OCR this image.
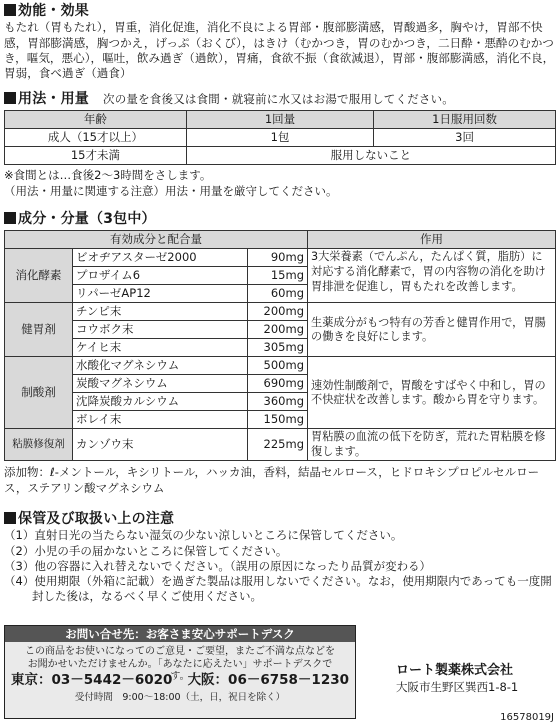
効能・効果

もたれ（胃もたれ），胃重，消化促進，消化不良による胃部・腹部膨満感，胃酸過多，胸やけ，胃部不快感，胃部膨満感，胸つかえ，げっぷ（おくび），はきけ（むかつき，胃のむかつき，二日酔・悪酔のむかつき，嘔気，悪心），嘔吐，飲み過ぎ（過飲），胃痛，食欲不振（食欲減退），胃部・腹部膨満感，消化不良，胃弱，食べ過ぎ（過食）

用法・用量 次の量を食後又は食間・就寝前に水又はお湯で服用してください。
年齢	1回量	1日服用回数
成人（15才以上）	1包	3回
15才未満	服用しないこと	

※食間とは…食後2～3時間をさします。

（用法・用量に関連する注意）用法・用量を厳守してください。

成分・分量（3包中）
有効成分と配合量			作用
消化酵素	ビオヂアスターゼ2000	90mg	3大栄養素（でんぷん，たんぱく質，脂肪）に対応する消化酵素で，胃の内容物の消化を助け胃排泄を促進し，胃もたれを改善します。
	プロザイム6	15mg	
	リパーゼAP12	60mg	
健胃剤	チンピ末	200mg	生薬成分がもつ特有の芳香と健胃作用で，胃腸の働きを良好にします。
	コウボク末	200mg	
	ケイヒ末	305mg	
制酸剤	水酸化マグネシウム	500mg	速効性制酸剤で，胃酸をすばやく中和し，胃の不快症状を改善します。酸から胃を守ります。
	炭酸マグネシウム	690mg	
	沈降炭酸カルシウム	360mg	
	ボレイ末	150mg	
粘膜修復剤	カンゾウ末	225mg	胃粘膜の血流の低下を防ぎ，荒れた胃粘膜を修復します。

添加物：ℓ-メントール，キシリトール，ハッカ油，香料，結晶セルロース，ヒドロキシプロピルセルロース，ステアリン酸マグネシウム

保管及び取扱い上の注意

（1）直射日光の当たらない湿気の少ない涼しいところに保管してください。

（2）小児の手の届かないところに保管してください。

（3）他の容器に入れ替えないでください。（誤用の原因になったり品質が変わる）

（4）使用期限（外箱に記載）を過ぎた製品は服用しないでください。なお，使用期限内であっても一度開封した後は，なるべく早くご使用ください。

お問い合せ先：お客さま安心サポートデスク
この商品をお使いになってのご意見・ご要望，またご不満な点などをお聞かせいただけませんか。「あなたに応えたい」サポートデスクです。
東京：03－5442－6020 大阪：06－6758－1230
受付時間　9:00～18:00（土，日，祝日を除く）
ロート製薬株式会社
大阪市生野区巽西1-8-1
16578019J
